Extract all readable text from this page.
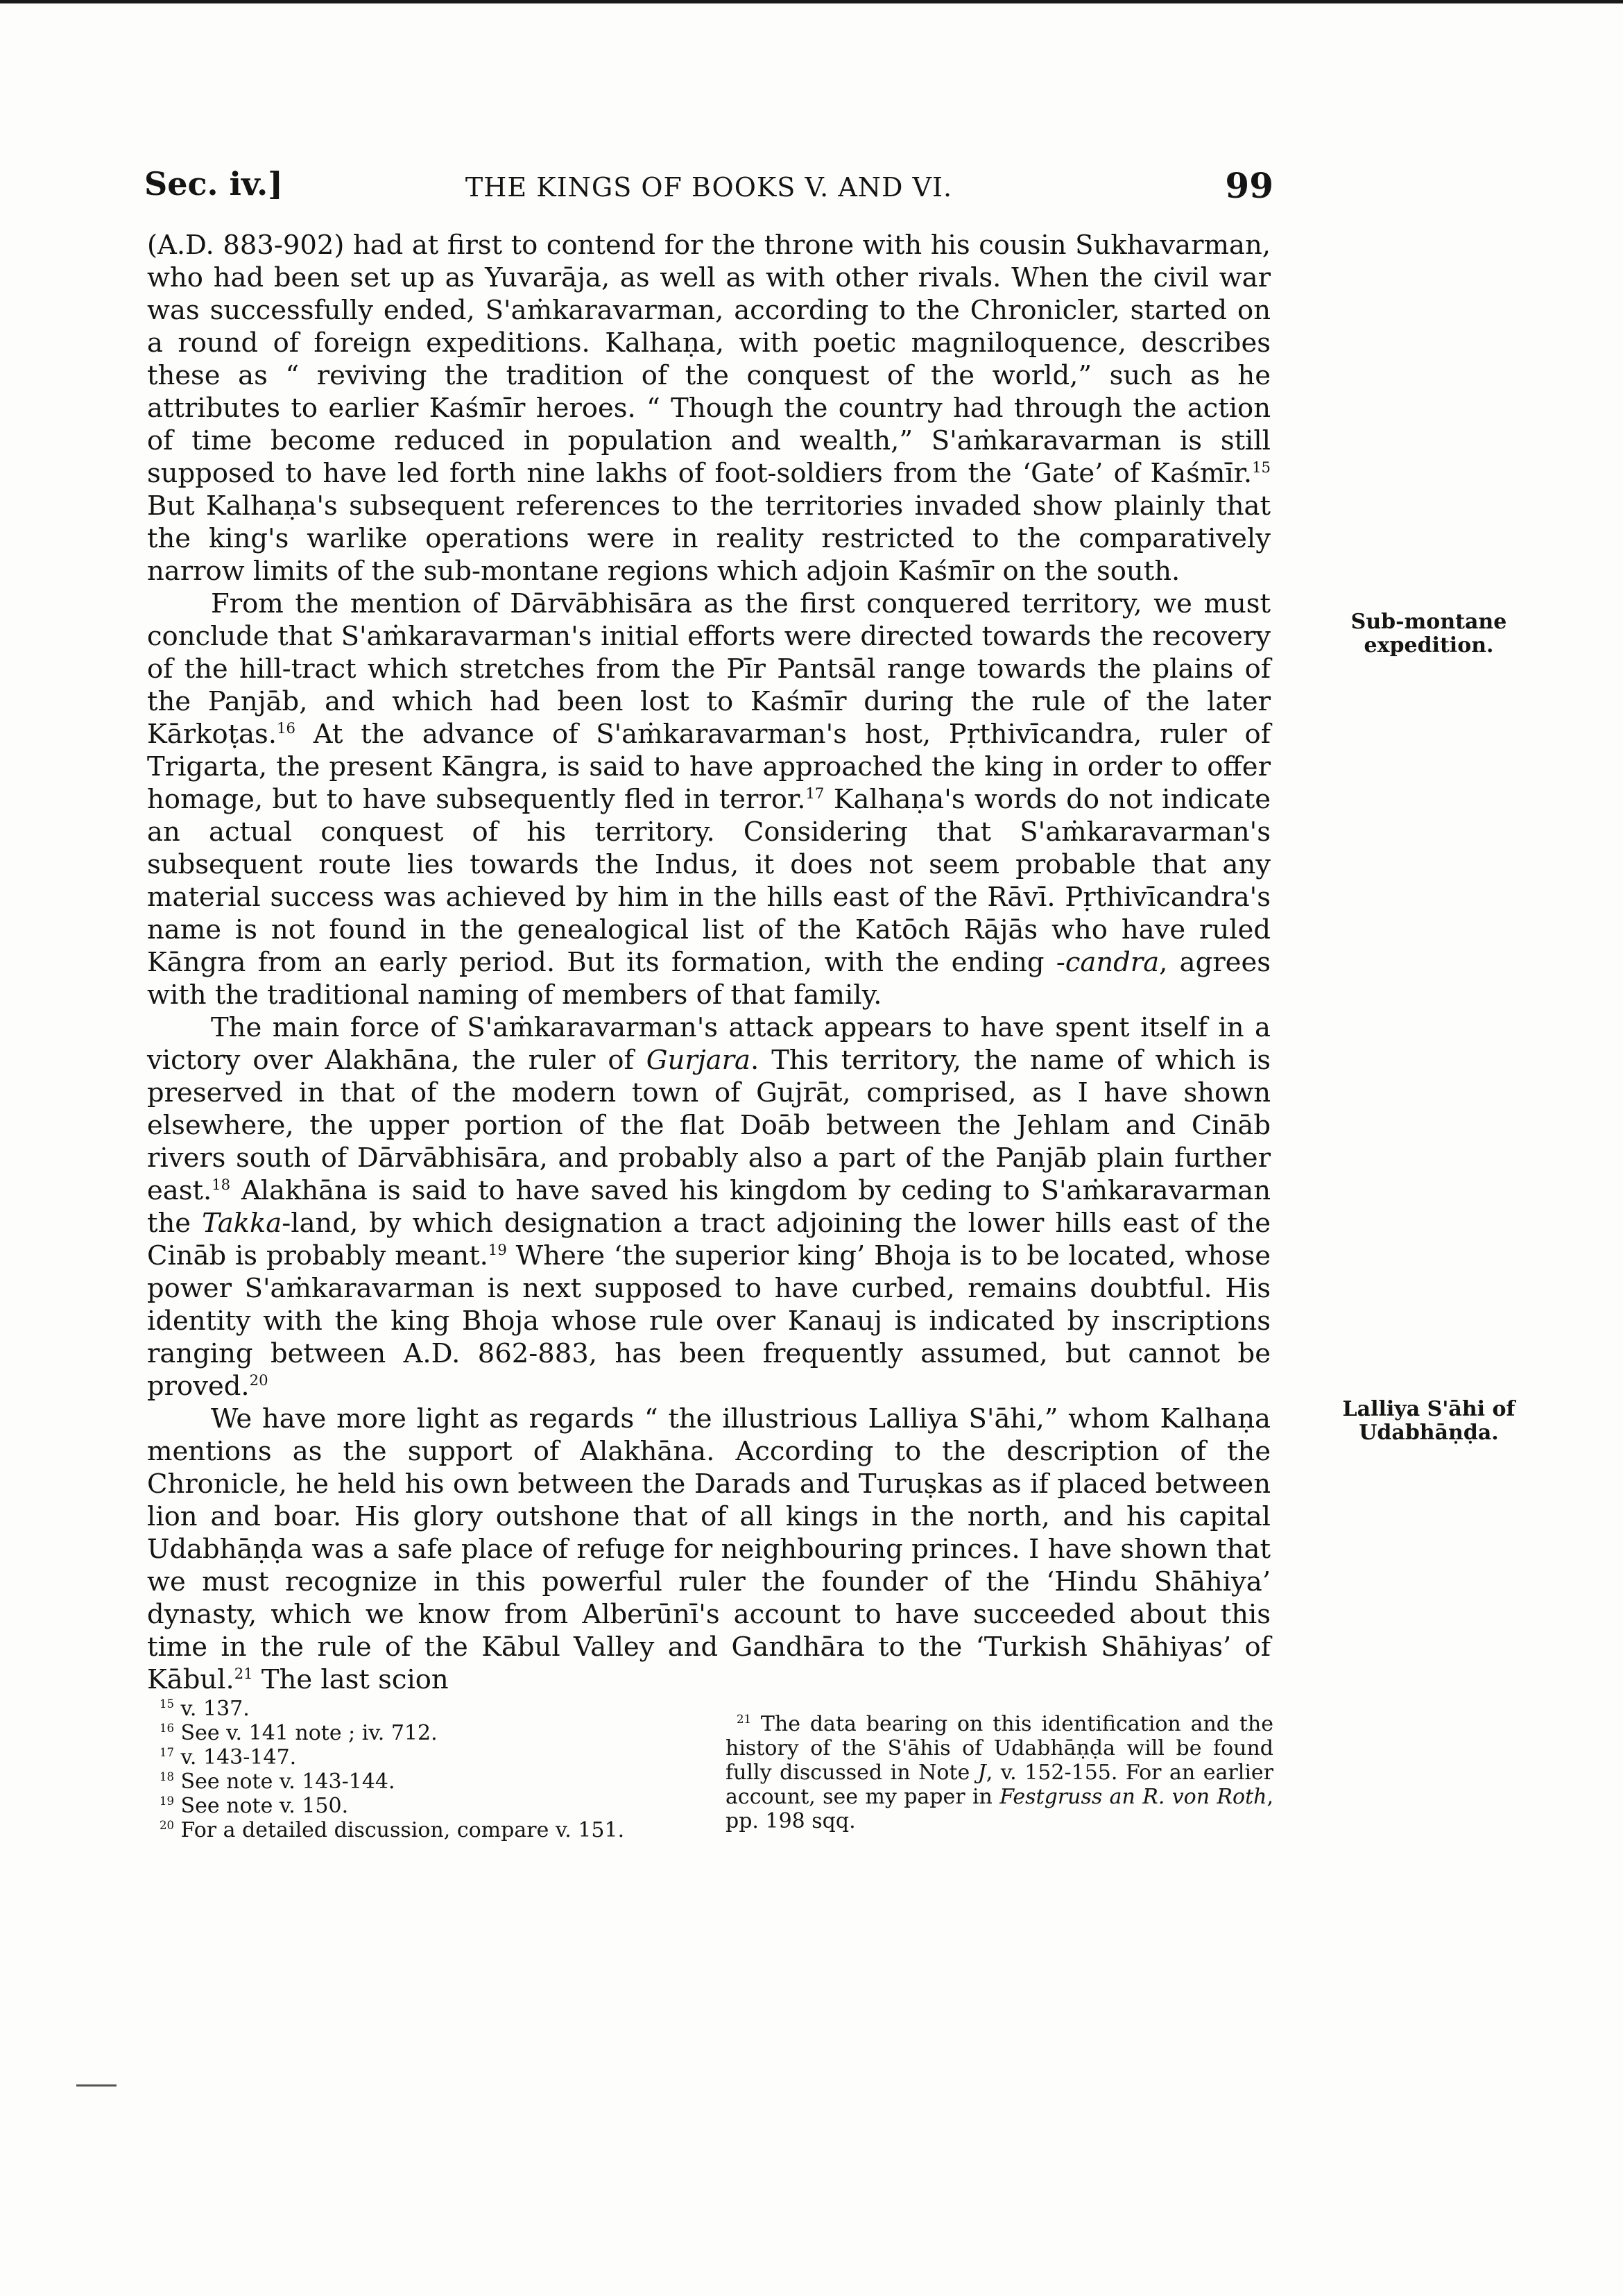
Sec. iv.]	THE KINGS OF BOOKS V. AND VI.	99

(A.D. 883-902) had at first to contend for the throne with his cousin Sukhavarman, who had been set up as Yuvarāja, as well as with other rivals. When the civil war was successfully ended, S'aṁkaravarman, according to the Chronicler, started on a round of foreign expeditions. Kalhaṇa, with poetic magniloquence, describes these as “ reviving the tradition of the conquest of the world,” such as he attributes to earlier Kaśmīr heroes. “ Though the country had through the action of time become reduced in population and wealth,” S'aṁkaravarman is still supposed to have led forth nine lakhs of foot-soldiers from the ‘Gate’ of Kaśmīr.$^{15}$ But Kalhaṇa's subsequent references to the territories invaded show plainly that the king's warlike operations were in reality restricted to the comparatively narrow limits of the sub-montane regions which adjoin Kaśmīr on the south.

From the mention of Dārvābhisāra as the first conquered territory, we must conclude that S'aṁkaravarman's initial efforts were directed towards the recovery of the hill-tract which stretches from the Pīr Pantsāl range towards the plains of the Panjāb, and which had been lost to Kaśmīr during the rule of the later Kārkoṭas.$^{16}$ At the advance of S'aṁkaravarman's host, Pṛthivīcandra, ruler of Trigarta, the present Kāngra, is said to have approached the king in order to offer homage, but to have subsequently fled in terror.$^{17}$ Kalhaṇa's words do not indicate an actual conquest of his territory. Considering that S'aṁkaravarman's subsequent route lies towards the Indus, it does not seem probable that any material success was achieved by him in the hills east of the Rāvī. Pṛthivīcandra's name is not found in the genealogical list of the Katōch Rājās who have ruled Kāngra from an early period. But its formation, with the ending -candra, agrees with the traditional naming of members of that family.

The main force of S'aṁkaravarman's attack appears to have spent itself in a victory over Alakhāna, the ruler of Gurjara. This territory, the name of which is preserved in that of the modern town of Gujrāt, comprised, as I have shown elsewhere, the upper portion of the flat Doāb between the Jehlam and Cināb rivers south of Dārvābhisāra, and probably also a part of the Panjāb plain further east.$^{18}$ Alakhāna is said to have saved his kingdom by ceding to S'aṁkaravarman the Takka-land, by which designation a tract adjoining the lower hills east of the Cināb is probably meant.$^{19}$ Where ‘the superior king’ Bhoja is to be located, whose power S'aṁkaravarman is next supposed to have curbed, remains doubtful. His identity with the king Bhoja whose rule over Kanauj is indicated by inscriptions ranging between A.D. 862-883, has been frequently assumed, but cannot be proved.$^{20}$

We have more light as regards “ the illustrious Lalliya S'āhi,” whom Kalhaṇa mentions as the support of Alakhāna. According to the description of the Chronicle, he held his own between the Darads and Turuṣkas as if placed between lion and boar. His glory outshone that of all kings in the north, and his capital Udabhāṇḍa was a safe place of refuge for neighbouring princes. I have shown that we must recognize in this powerful ruler the founder of the ‘Hindu Shāhiya’ dynasty, which we know from Alberūnī's account to have succeeded about this time in the rule of the Kābul Valley and Gandhāra to the ‘Turkish Shāhiyas’ of Kābul.$^{21}$ The last scion

Sub-montane
expedition.
Lalliya S'āhi of
Udabhāṇḍa.
$^{15}$ v. 137.
$^{16}$ See v. 141 note ; iv. 712.
$^{17}$ v. 143-147.
$^{18}$ See note v. 143-144.
$^{19}$ See note v. 150.
$^{20}$ For a detailed discussion, compare v. 151.
$^{21}$ The data bearing on this identification and the history of the S'āhis of Udabhāṇḍa will be found fully discussed in Note J, v. 152-155. For an earlier account, see my paper in Festgruss an R. von Roth, pp. 198 sqq.
